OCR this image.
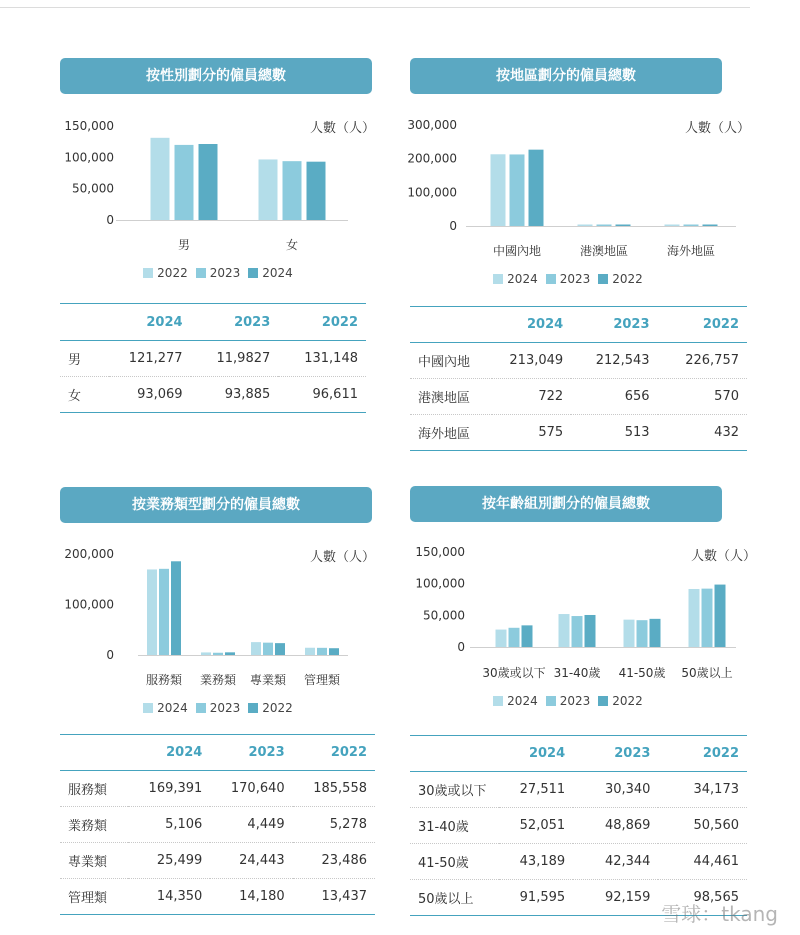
按性別劃分的僱員總數
人數（人）
150,000
100,000
50,000
0
男	女
2022 2023 2024
	2024	2023	2022
男	121,277	11,9827	131,148
女	93,069	93,885	96,611
按地區劃分的僱員總數
人數（人）
300,000
200,000
100,000
0
中國內地	港澳地區	海外地區
2024 2023 2022
	2024	2023	2022
中國內地	213,049	212,543	226,757
港澳地區	722	656	570
海外地區	575	513	432
按業務類型劃分的僱員總數
人數（人）
200,000
100,000
0
服務類 業務類 專業類 管理類
2024 2023 2022
	2024	2023	2022
服務類	169,391	170,640	185,558
業務類	5,106	4,449	5,278
專業類	25,499	24,443	23,486
管理類	14,350	14,180	13,437
按年齡組別劃分的僱員總數
人數（人）
150,000
100,000
50,000
0
30歲或以下 31-40歲 41-50歲 50歲以上
2024 2023 2022
	2024	2023	2022
30歲或以下	27,511	30,340	34,173
31-40歲	52,051	48,869	50,560
41-50歲	43,189	42,344	44,461
50歲以上	91,595	92,159	98,565
雪球：tkang
